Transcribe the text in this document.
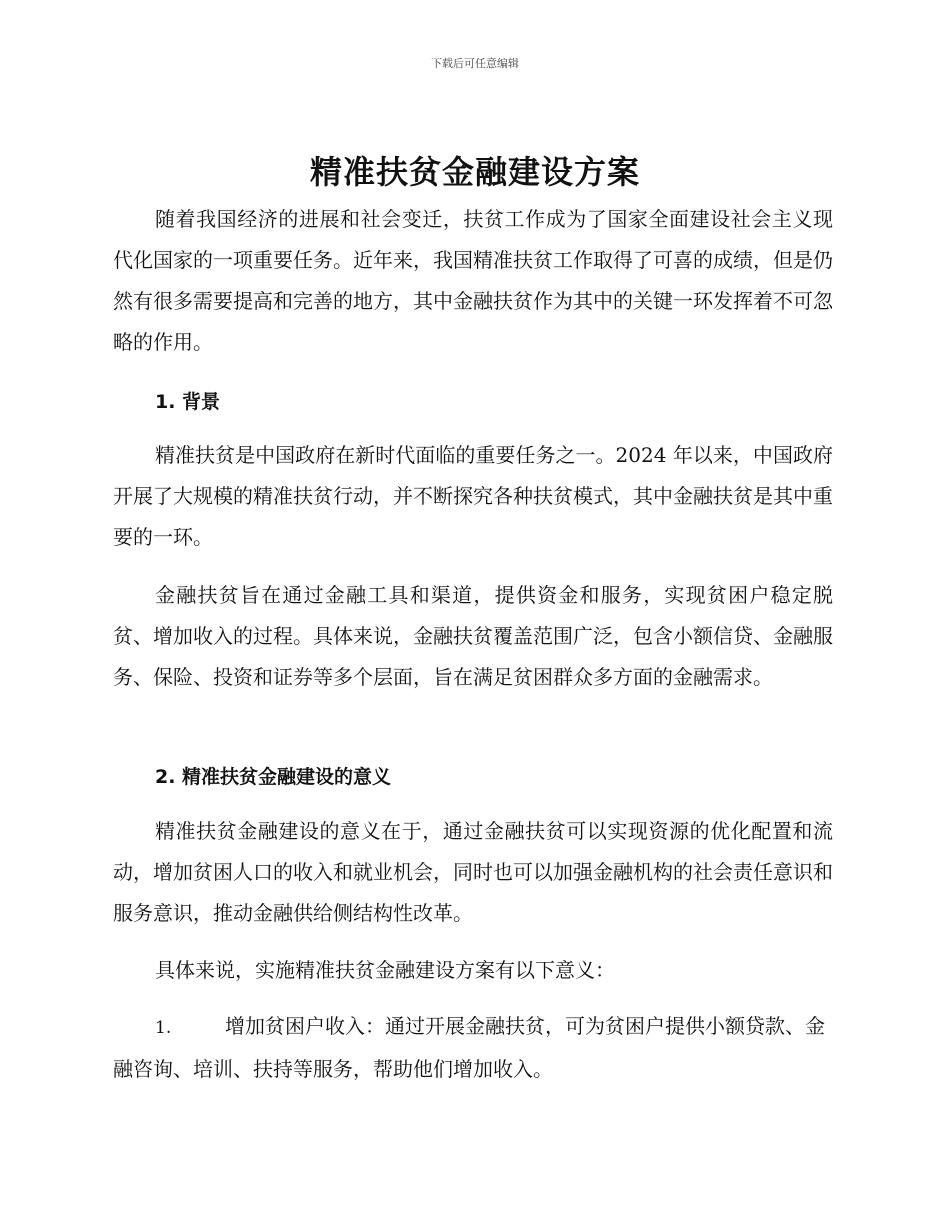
下载后可任意编辑
精准扶贫金融建设方案

随着我国经济的进展和社会变迁，扶贫工作成为了国家全面建设社会主义现代化国家的一项重要任务。近年来，我国精准扶贫工作取得了可喜的成绩，但是仍然有很多需要提高和完善的地方，其中金融扶贫作为其中的关键一环发挥着不可忽略的作用。

1. 背景

精准扶贫是中国政府在新时代面临的重要任务之一。2024 年以来，中国政府开展了大规模的精准扶贫行动，并不断探究各种扶贫模式，其中金融扶贫是其中重要的一环。

金融扶贫旨在通过金融工具和渠道，提供资金和服务，实现贫困户稳定脱贫、增加收入的过程。具体来说，金融扶贫覆盖范围广泛，包含小额信贷、金融服务、保险、投资和证券等多个层面，旨在满足贫困群众多方面的金融需求。

2. 精准扶贫金融建设的意义

精准扶贫金融建设的意义在于，通过金融扶贫可以实现资源的优化配置和流动，增加贫困人口的收入和就业机会，同时也可以加强金融机构的社会责任意识和服务意识，推动金融供给侧结构性改革。

具体来说，实施精准扶贫金融建设方案有以下意义：

1.	增加贫困户收入：通过开展金融扶贫，可为贫困户提供小额贷款、金融咨询、培训、扶持等服务，帮助他们增加收入。
